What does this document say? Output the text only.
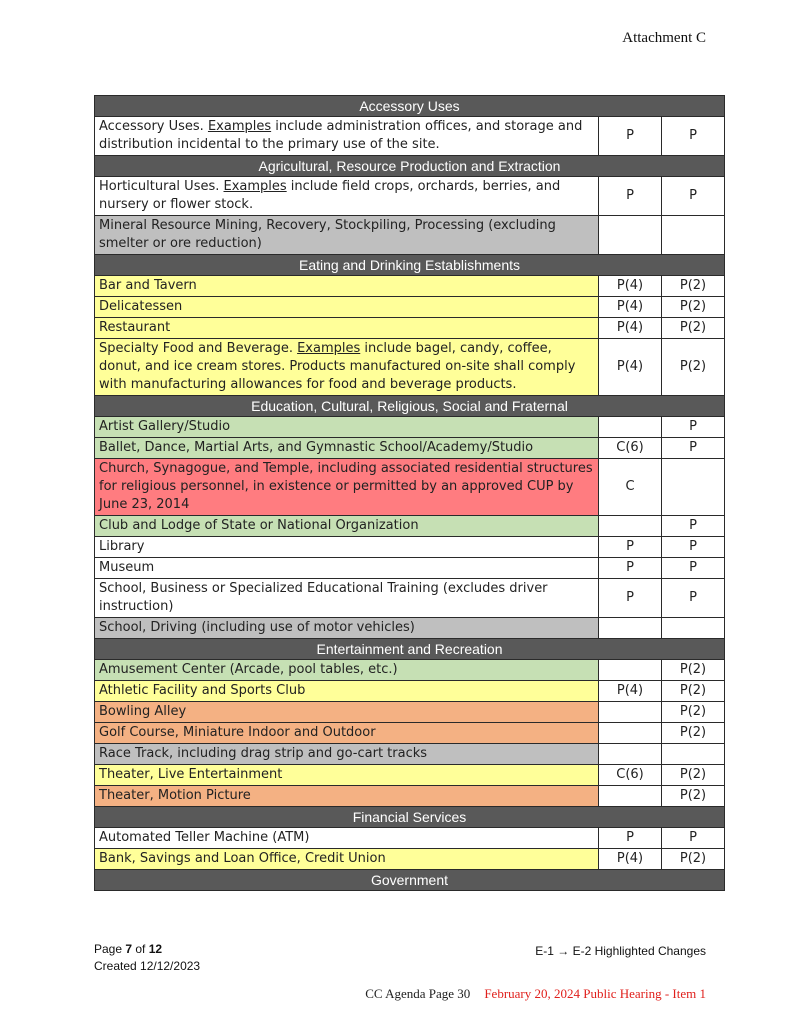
Attachment C
Accessory Uses		
Accessory Uses. Examples include administration offices, and storage and distribution incidental to the primary use of the site.	P	P
Agricultural, Resource Production and Extraction		
Horticultural Uses. Examples include field crops, orchards, berries, and nursery or flower stock.	P	P
Mineral Resource Mining, Recovery, Stockpiling, Processing (excluding smelter or ore reduction)		
Eating and Drinking Establishments		
Bar and Tavern	P(4)	P(2)
Delicatessen	P(4)	P(2)
Restaurant	P(4)	P(2)
Specialty Food and Beverage. Examples include bagel, candy, coffee, donut, and ice cream stores. Products manufactured on-site shall comply with manufacturing allowances for food and beverage products.	P(4)	P(2)
Education, Cultural, Religious, Social and Fraternal		
Artist Gallery/Studio		P
Ballet, Dance, Martial Arts, and Gymnastic School/Academy/Studio	C(6)	P
Church, Synagogue, and Temple, including associated residential structures for religious personnel, in existence or permitted by an approved CUP by June 23, 2014	C	
Club and Lodge of State or National Organization		P
Library	P	P
Museum	P	P
School, Business or Specialized Educational Training (excludes driver instruction)	P	P
School, Driving (including use of motor vehicles)		
Entertainment and Recreation		
Amusement Center (Arcade, pool tables, etc.)		P(2)
Athletic Facility and Sports Club	P(4)	P(2)
Bowling Alley		P(2)
Golf Course, Miniature Indoor and Outdoor		P(2)
Race Track, including drag strip and go-cart tracks		
Theater, Live Entertainment	C(6)	P(2)
Theater, Motion Picture		P(2)
Financial Services		
Automated Teller Machine (ATM)	P	P
Bank, Savings and Loan Office, Credit Union	P(4)	P(2)
Government		
Page 7 of 12
Created 12/12/2023
E-1 → E-2 Highlighted Changes
CC Agenda Page 30 February 20, 2024 Public Hearing - Item 1
